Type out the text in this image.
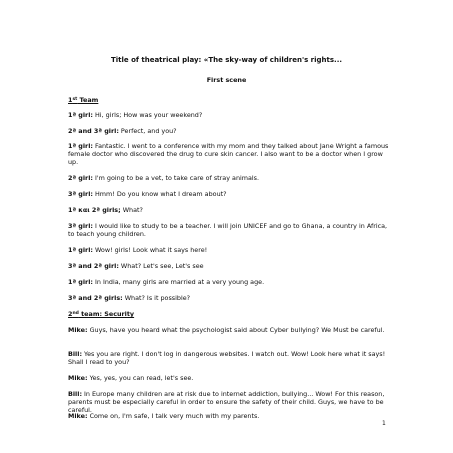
Title of theatrical play: «The sky-way of children's rights...
First scene
1st Team
1ª girl: Hi, girls; How was your weekend?
2ª and 3ª girl: Perfect, and you?
1ª girl: Fantastic. I went to a conference with my mom and they talked about Jane Wright a famous female doctor who discovered the drug to cure skin cancer. I also want to be a doctor when I grow up.
2ª girl: I'm going to be a vet, to take care of stray animals.
3ª girl: Hmm! Do you know what I dream about?
1ª και 2ª girls; What?
3ª girl: I would like to study to be a teacher. I will join UNICEF and go to Ghana, a country in Africa, to teach young children.
1ª girl: Wow! girls! Look what it says here!
3ª and 2ª girl: What? Let's see, Let's see
1ª girl: In India, many girls are married at a very young age.
3ª and 2ª girls: What? Is it possible?
2nd team: Security
Mike: Guys, have you heard what the psychologist said about Cyber bullying? We Must be careful.
Bill: Yes you are right. I don't log in dangerous websites. I watch out. Wow! Look here what it says! Shall I read to you?
Mike: Yes, yes, you can read, let's see.
Bill: In Europe many children are at risk due to internet addiction, bullying... Wow! For this reason, parents must be especially careful in order to ensure the safety of their child. Guys, we have to be careful.
Mike: Come on, I'm safe, I talk very much with my parents.
1
